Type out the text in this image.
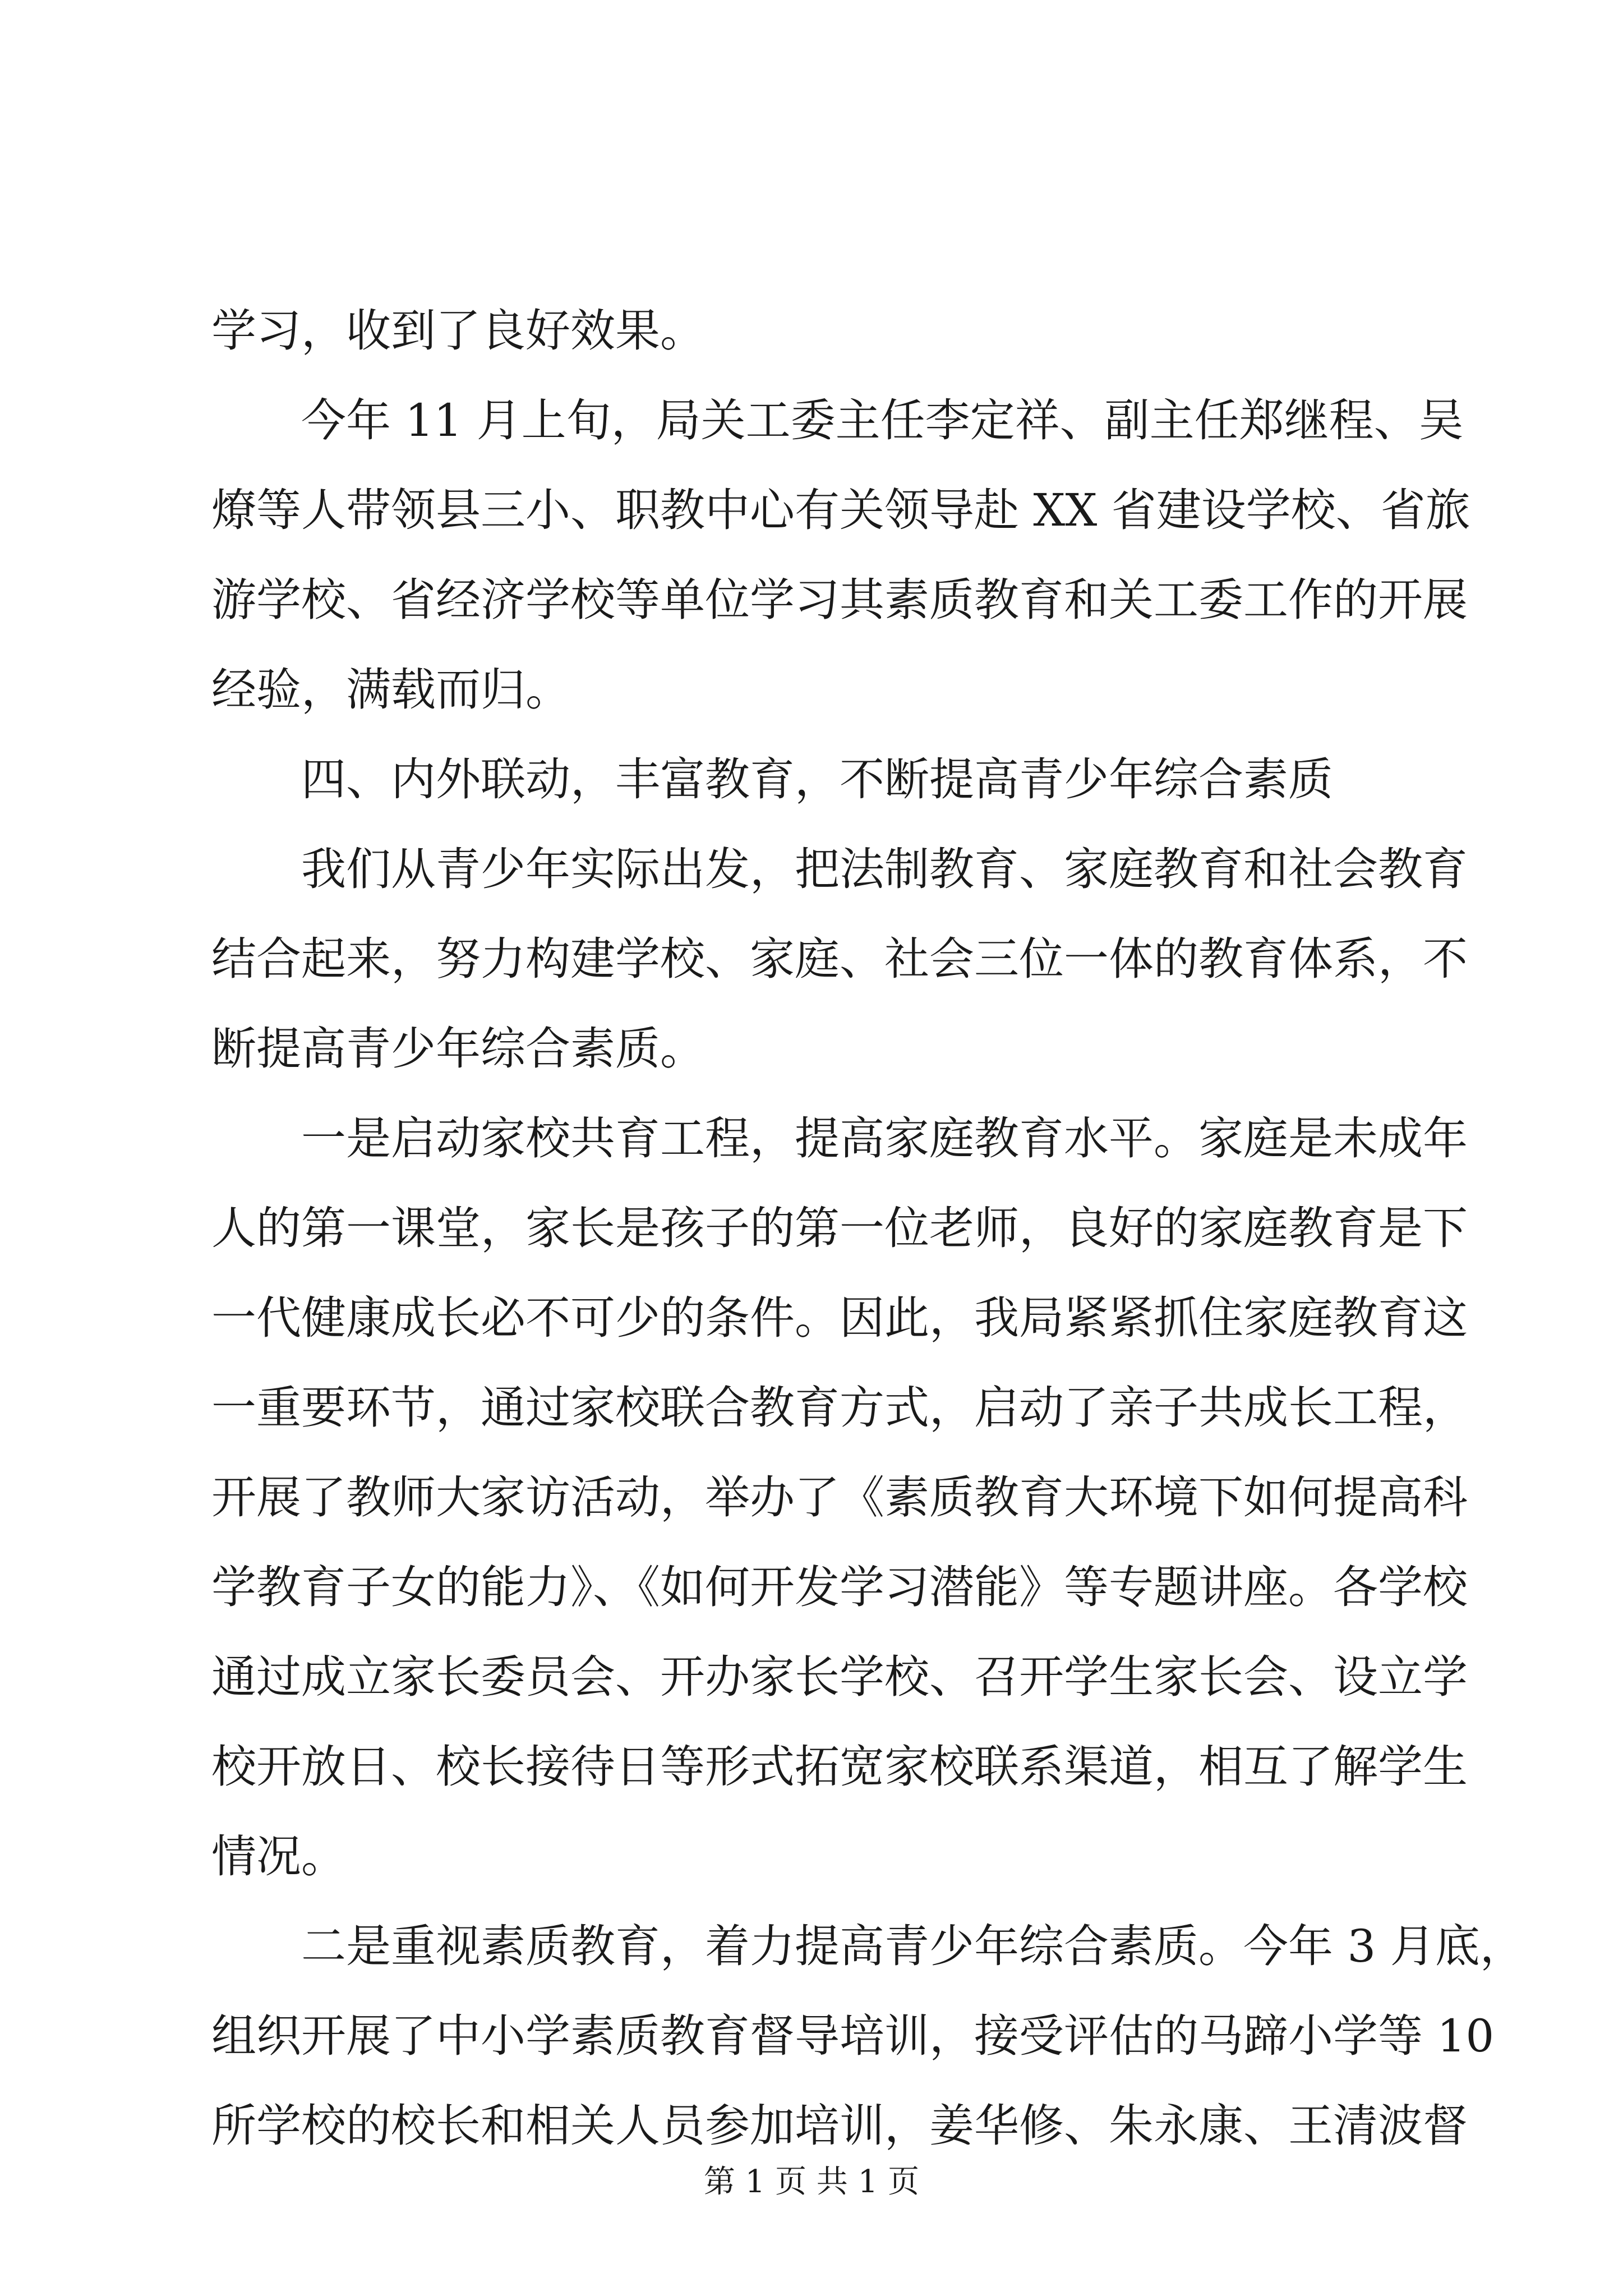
学习，收到了良好效果。
今年 11 月上旬，局关工委主任李定祥、副主任郑继程、吴
燎等人带领县三小、职教中心有关领导赴 XX 省建设学校、省旅
游学校、省经济学校等单位学习其素质教育和关工委工作的开展
经验，满载而归。
四、内外联动，丰富教育，不断提高青少年综合素质
我们从青少年实际出发，把法制教育、家庭教育和社会教育
结合起来，努力构建学校、家庭、社会三位一体的教育体系，不
断提高青少年综合素质。
一是启动家校共育工程，提高家庭教育水平。家庭是未成年
人的第一课堂，家长是孩子的第一位老师，良好的家庭教育是下
一代健康成长必不可少的条件。因此，我局紧紧抓住家庭教育这
一重要环节，通过家校联合教育方式，启动了亲子共成长工程，
开展了教师大家访活动，举办了《素质教育大环境下如何提高科
学教育子女的能力》、《如何开发学习潜能》等专题讲座。各学校
通过成立家长委员会、开办家长学校、召开学生家长会、设立学
校开放日、校长接待日等形式拓宽家校联系渠道，相互了解学生
情况。
二是重视素质教育，着力提高青少年综合素质。今年 3 月底，
组织开展了中小学素质教育督导培训，接受评估的马蹄小学等 10
所学校的校长和相关人员参加培训，姜华修、朱永康、王清波督
第 1 页 共 1 页
